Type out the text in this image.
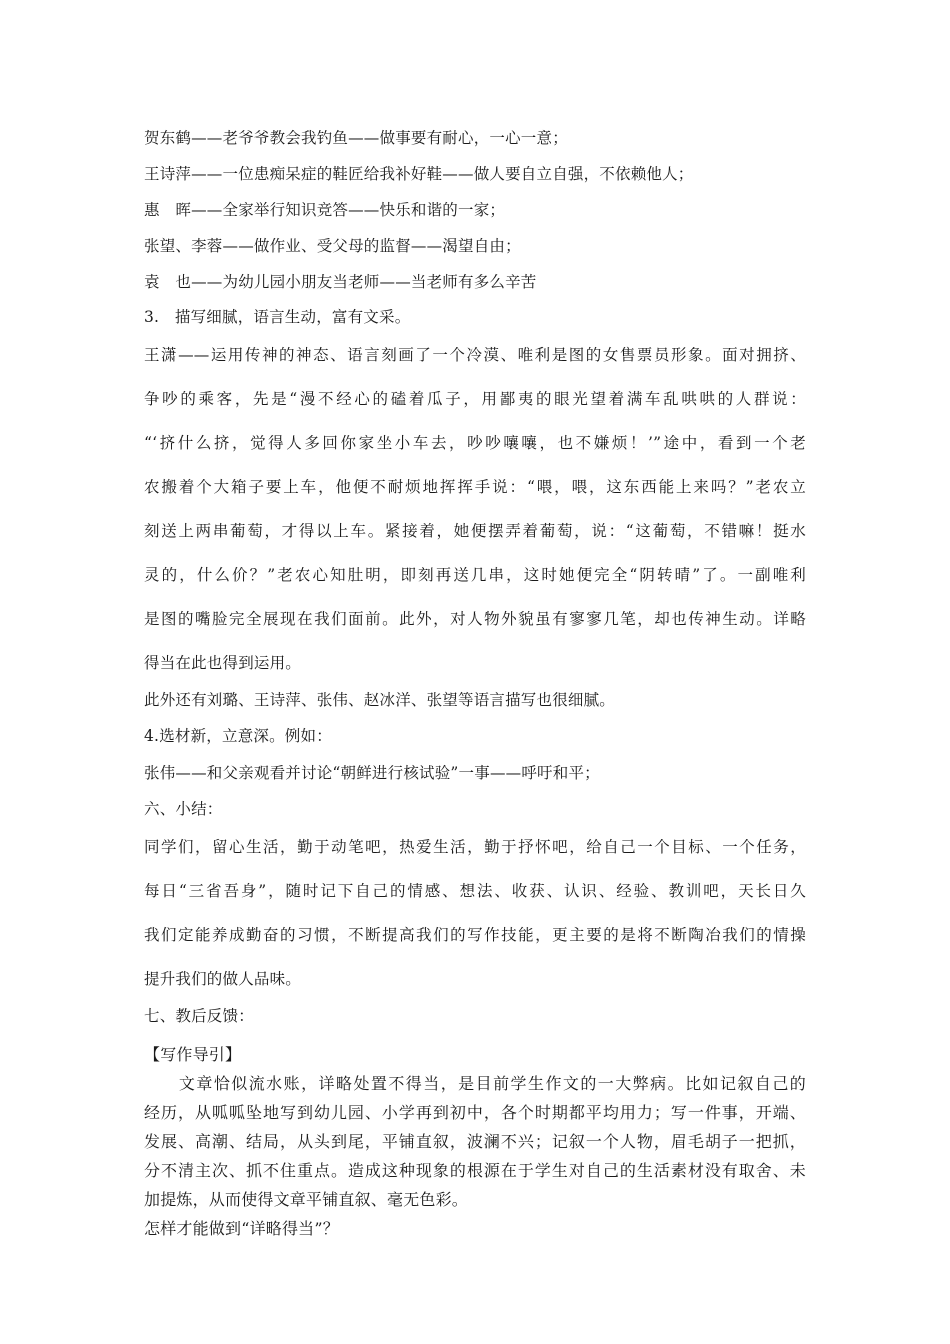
贺东鹤——老爷爷教会我钓鱼——做事要有耐心，一心一意；
王诗萍——一位患痴呆症的鞋匠给我补好鞋——做人要自立自强，不依赖他人；
惠　晖——全家举行知识竞答——快乐和谐的一家；
张望、李蓉——做作业、受父母的监督——渴望自由；
袁　也——为幼儿园小朋友当老师——当老师有多么辛苦
3.　描写细腻，语言生动，富有文采。
王潇——运用传神的神态、语言刻画了一个冷漠、唯利是图的女售票员形象。面对拥挤、
争吵的乘客，先是“漫不经心的磕着瓜子，用鄙夷的眼光望着满车乱哄哄的人群说：
“‘挤什么挤，觉得人多回你家坐小车去，吵吵嚷嚷，也不嫌烦！’”途中，看到一个老
农搬着个大箱子要上车，他便不耐烦地挥挥手说：“喂，喂，这东西能上来吗？”老农立
刻送上两串葡萄，才得以上车。紧接着，她便摆弄着葡萄，说：“这葡萄，不错嘛！挺水
灵的，什么价？”老农心知肚明，即刻再送几串，这时她便完全“阴转晴”了。一副唯利
是图的嘴脸完全展现在我们面前。此外，对人物外貌虽有寥寥几笔，却也传神生动。详略
得当在此也得到运用。
此外还有刘璐、王诗萍、张伟、赵冰洋、张望等语言描写也很细腻。
4.选材新，立意深。例如：
张伟——和父亲观看并讨论“朝鲜进行核试验”一事——呼吁和平；
六、小结：
同学们，留心生活，勤于动笔吧，热爱生活，勤于抒怀吧，给自己一个目标、一个任务，
每日“三省吾身”，随时记下自己的情感、想法、收获、认识、经验、教训吧，天长日久
我们定能养成勤奋的习惯，不断提高我们的写作技能，更主要的是将不断陶冶我们的情操
提升我们的做人品味。
七、教后反馈：
【写作导引】
　　文章恰似流水账，详略处置不得当，是目前学生作文的一大弊病。比如记叙自己的
经历，从呱呱坠地写到幼儿园、小学再到初中，各个时期都平均用力；写一件事，开端、
发展、高潮、结局，从头到尾，平铺直叙，波澜不兴；记叙一个人物，眉毛胡子一把抓，
分不清主次、抓不住重点。造成这种现象的根源在于学生对自己的生活素材没有取舍、未
加提炼，从而使得文章平铺直叙、毫无色彩。
怎样才能做到“详略得当”？
